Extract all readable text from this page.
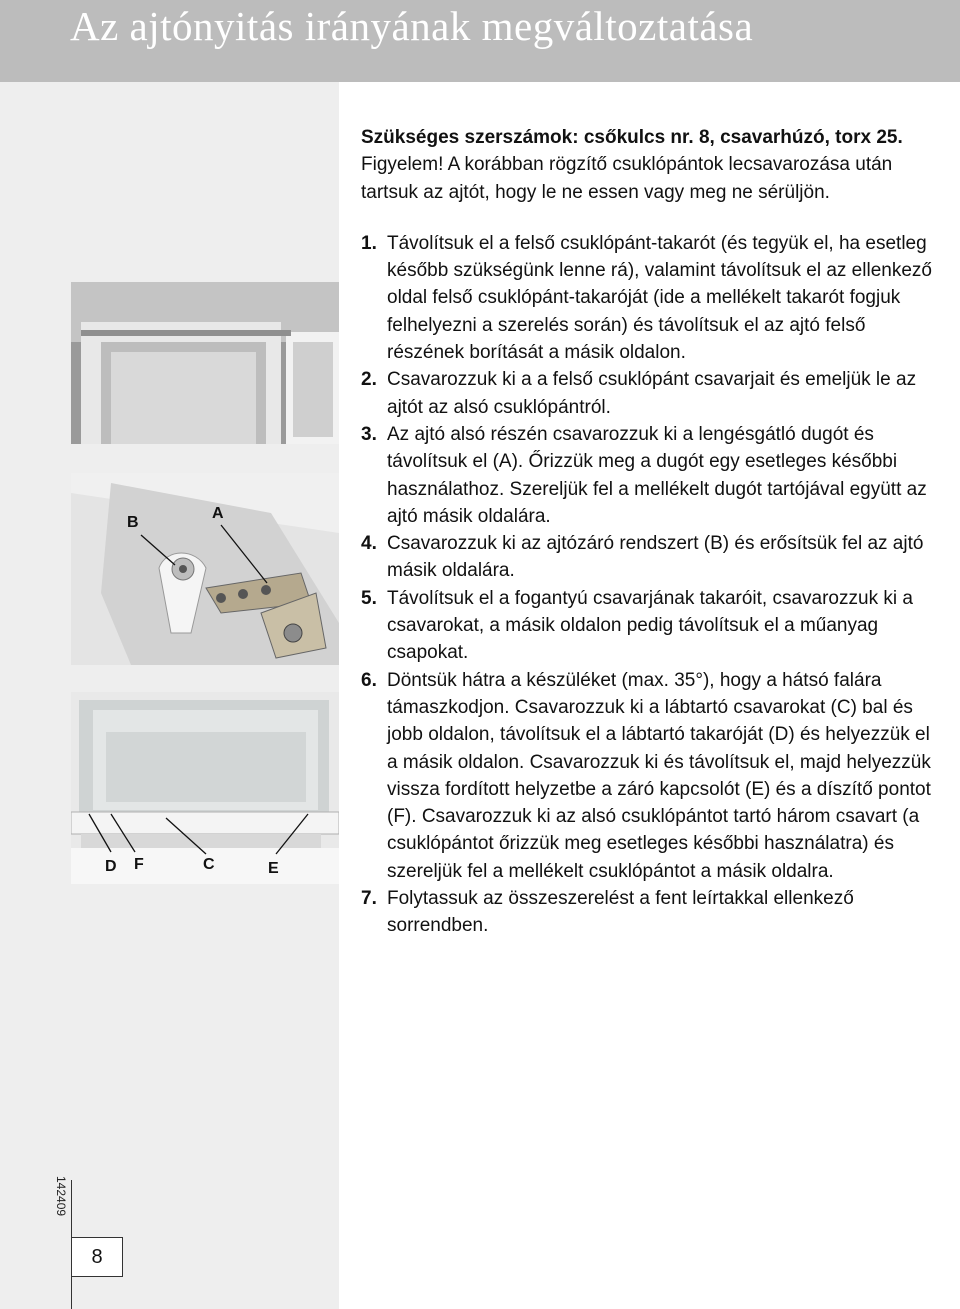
Az ajtónyitás irányának megváltoztatása
B
A
D F	C	E
142409
8

Szükséges szerszámok: csőkulcs nr. 8, csavarhúzó, torx 25.

Figyelem! A korábban rögzítő csuklópántok lecsavarozása után tartsuk az ajtót, hogy le ne essen vagy meg ne sérüljön.

1. Távolítsuk el a felső csuklópánt-takarót (és tegyük el, ha esetleg később szükségünk lenne rá), valamint távolítsuk el az ellenkező oldal felső csuklópánt-takaróját (ide a mellékelt takarót fogjuk felhelyezni a szerelés során) és távolítsuk el az ajtó felső részének borítását a másik oldalon.
2. Csavarozzuk ki a a felső csuklópánt csavarjait és emeljük le az ajtót az alsó csuklópántról.
3. Az ajtó alsó részén csavarozzuk ki a lengésgátló dugót és távolítsuk el (A). Őrizzük meg a dugót egy esetleges későbbi használathoz. Szereljük fel a mellékelt dugót tartójával együtt az ajtó másik oldalára.
4. Csavarozzuk ki az ajtózáró rendszert (B) és erősítsük fel az ajtó másik oldalára.
5. Távolítsuk el a fogantyú csavarjának takaróit, csavarozzuk ki a csavarokat, a másik oldalon pedig távolítsuk el a műanyag csapokat.
6. Döntsük hátra a készüléket (max. 35°), hogy a hátsó falára támaszkodjon. Csavarozzuk ki a lábtartó csavarokat (C) bal és jobb oldalon, távolítsuk el a lábtartó takaróját (D) és helyezzük el a másik oldalon. Csavarozzuk ki és távolítsuk el, majd helyezzük vissza fordított helyzetbe a záró kapcsolót (E) és a díszítő pontot (F). Csavarozzuk ki az alsó csuklópántot tartó három csavart (a csuklópántot őrizzük meg esetleges későbbi használatra) és szereljük fel a mellékelt csuklópántot a másik oldalra.
7. Folytassuk az összeszerelést a fent leírtakkal ellenkező sorrendben.
